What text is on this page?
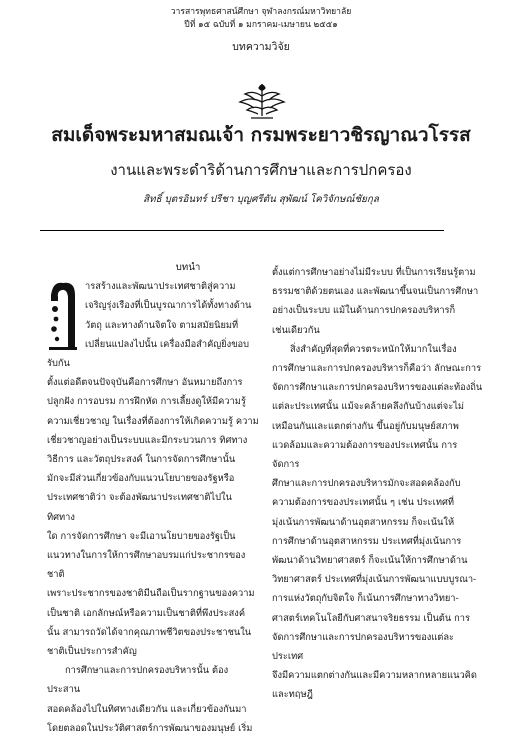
วารสารพุทธศาสน์ศึกษา จุฬาลงกรณ์มหาวิทยาลัย
ปีที่ ๑๕ ฉบับที่ ๑ มกราคม-เมษายน ๒๕๕๑
บทความวิจัย
สมเด็จพระมหาสมณเจ้า กรมพระยาวชิรญาณวโรรส
งานและพระดำริด้านการศึกษาและการปกครอง
สิทธิ์ บุตรอินทร์ ปรีชา บุญศรีตัน สุพัฒน์ โควิจักษณ์ชัยกุล

บทนำ

ารสร้างและพัฒนาประเทศชาติสู่ความ
เจริญรุ่งเรืองที่เป็นบูรณาการได้ทั้งทางด้าน
วัตถุ และทางด้านจิตใจ ตามสมัยนิยมที่
เปลี่ยนแปลงไปนั้น เครื่องมือสำคัญยิ่งขอบรับกัน
ตั้งแต่อดีตจนปัจจุบันคือการศึกษา อันหมายถึงการ
ปลูกฝัง การอบรม การฝึกหัด การเลี้ยงดูให้มีความรู้
ความเชี่ยวชาญ ในเรื่องที่ต้องการให้เกิดความรู้ ความ
เชี่ยวชาญอย่างเป็นระบบและมีกระบวนการ ทิศทาง
วิธีการ และวัตถุประสงค์ ในการจัดการศึกษานั้น
มักจะมีส่วนเกี่ยวข้องกับแนวนโยบายของรัฐหรือ
ประเทศชาติว่า จะต้องพัฒนาประเทศชาติไปในทิศทาง
ใด การจัดการศึกษา จะมีเอานโยบายของรัฐเป็น
แนวทางในการให้การศึกษาอบรมแก่ประชากรของชาติ
เพราะประชากรของชาติมีนถือเป็นรากฐานของความ
เป็นชาติ เอกลักษณ์หรือความเป็นชาติที่พึงประสงค์
นั้น สามารถวัดได้จากคุณภาพชีวิตของประชาชนใน
ชาติเป็นประการสำคัญ

การศึกษาและการปกครองบริหารนั้น ต้องประสาน
สอดคล้องไปในทิศทางเดียวกัน และเกี่ยวข้องกันมา
โดยตลอดในประวัติศาสตร์การพัฒนาของมนุษย์ เริ่ม

ตั้งแต่การศึกษาอย่างไม่มีระบบ ที่เป็นการเรียนรู้ตาม
ธรรมชาติด้วยตนเอง และพัฒนาขึ้นจนเป็นการศึกษา
อย่างเป็นระบบ แม้ในด้านการปกครองบริหารก็
เช่นเดียวกัน

สิ่งสำคัญที่สุดที่ควรตระหนักให้มากในเรื่อง
การศึกษาและการปกครองบริหารก็คือว่า ลักษณะการ
จัดการศึกษาและการปกครองบริหารของแต่ละท้องถิ่น
แต่ละประเทศนั้น แม้จะคล้ายคลึงกันบ้างแต่จะไม่
เหมือนกันและแตกต่างกัน ขึ้นอยู่กับมนุษย์สภาพ
แวดล้อมและความต้องการของประเทศนั้น การจัดการ
ศึกษาและการปกครองบริหารมักจะสอดคล้องกับ
ความต้องการของประเทศนั้น ๆ เช่น ประเทศที่
มุ่งเน้นการพัฒนาด้านอุตสาหกรรม ก็จะเน้นให้
การศึกษาด้านอุตสาหกรรม ประเทศที่มุ่งเน้นการ
พัฒนาด้านวิทยาศาสตร์ ก็จะเน้นให้การศึกษาด้าน
วิทยาศาสตร์ ประเทศที่มุ่งเน้นการพัฒนาแบบบูรณา-
การแห่งวัตถุกับจิตใจ ก็เน้นการศึกษาทางวิทยา-
ศาสตร์เทคโนโลยีกับศาสนาจริยธรรม เป็นต้น การ
จัดการศึกษาและการปกครองบริหารของแต่ละประเทศ
จึงมีความแตกต่างกันและมีความหลากหลายแนวคิด
และทฤษฎี
